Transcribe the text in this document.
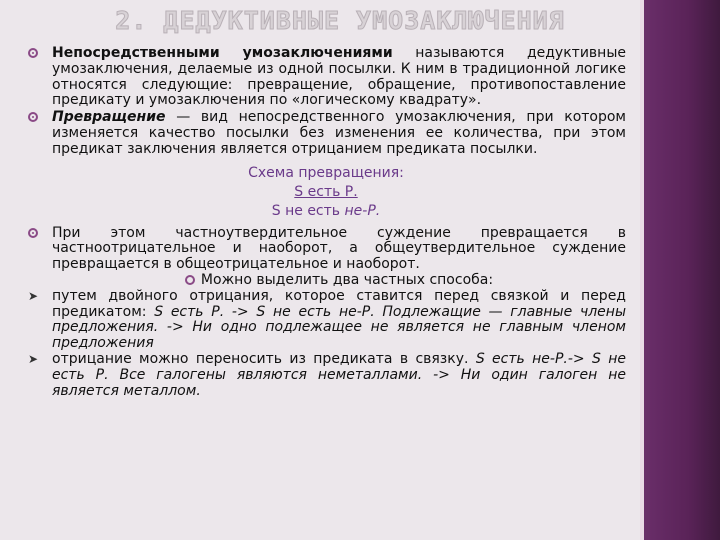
2. ДЕДУКТИВНЫЕ УМОЗАКЛЮЧЕНИЯ
Непосредственными умозаключениями называются дедуктивные умозаключения, делаемые из одной посылки. К ним в традиционной логике относятся следующие: превращение, обращение, противопоставление предикату и умозаключения по «логическому квадрату».
Превращение — вид непосредственного умозаключения, при котором изменяется качество посылки без изменения ее количества, при этом предикат заключения является отрицанием предиката посылки.
Схема превращения:
S есть Р.
S не есть не-Р.
При этом частноутвердительное суждение превращается в частноотрицательное и наоборот, а общеутвердительное суждение превращается в общеотрицательное и наоборот.
Можно выделить два частных способа:
➤ путем двойного отрицания, которое ставится перед связкой и перед предикатом: S есть Р. -> S не есть не-Р. Подлежащие — главные члены предложения. -> Ни одно подлежащее не является не главным членом предложения
➤ отрицание можно переносить из предиката в связку. S есть не-Р.-> S не есть Р. Все галогены являются неметаллами. -> Ни один галоген не является металлом.
